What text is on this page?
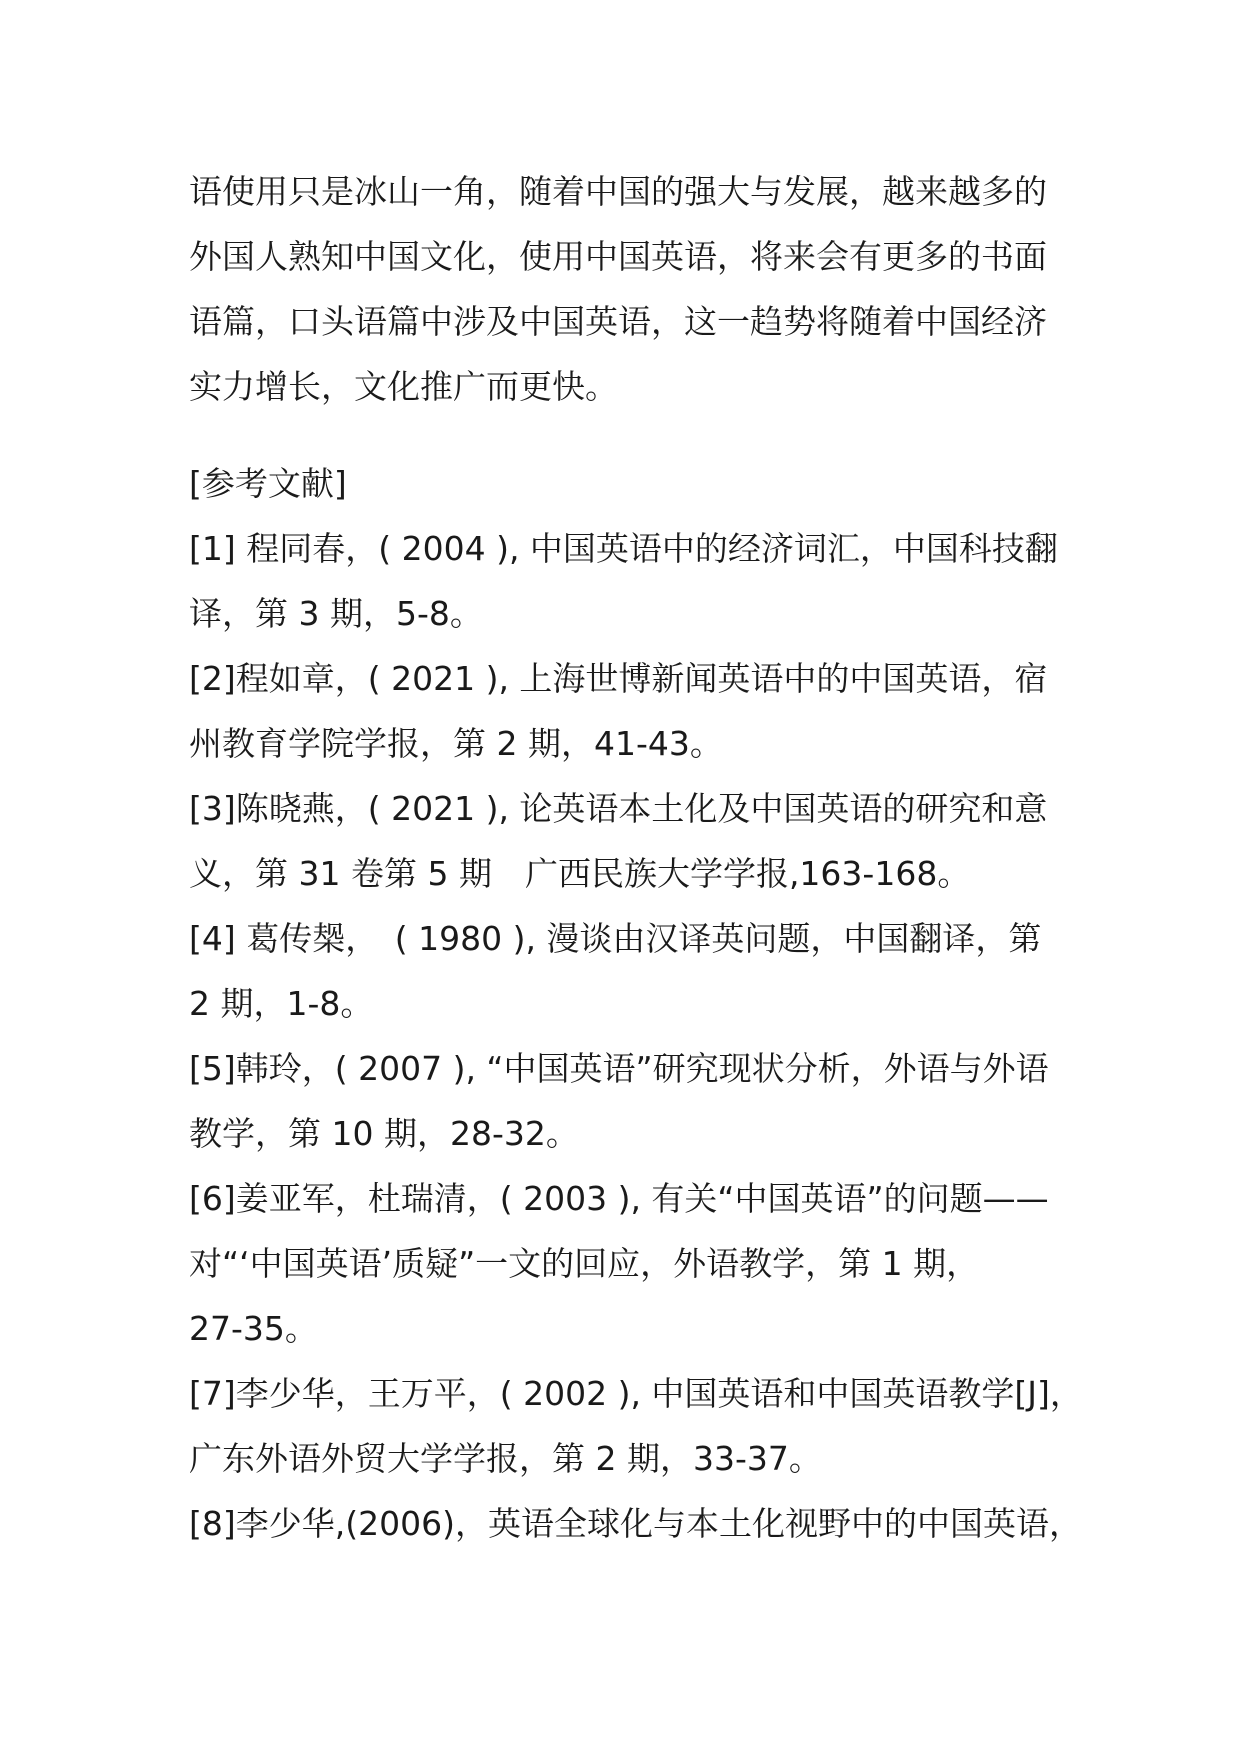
语使用只是冰山一角，随着中国的强大与发展，越来越多的
外国人熟知中国文化，使用中国英语，将来会有更多的书面
语篇，口头语篇中涉及中国英语，这一趋势将随着中国经济
实力增长，文化推广而更快。
[参考文献]
[1] 程同春，( 2004 ), 中国英语中的经济词汇，中国科技翻
译，第 3 期，5-8。
[2]程如章，( 2021 ), 上海世博新闻英语中的中国英语，宿
州教育学院学报，第 2 期，41-43。
[3]陈晓燕，( 2021 ), 论英语本土化及中国英语的研究和意
义，第 31 卷第 5 期　广西民族大学学报,163-168。
[4] 葛传椝，　( 1980 ), 漫谈由汉译英问题，中国翻译，第
2 期，1-8。
[5]韩玲，( 2007 ), “中国英语”研究现状分析，外语与外语
教学，第 10 期，28-32。
[6]姜亚军，杜瑞清，( 2003 ), 有关“中国英语”的问题——
对“‘中国英语’质疑”一文的回应，外语教学，第 1 期，
27-35。
[7]李少华，王万平，( 2002 ), 中国英语和中国英语教学[J]，
广东外语外贸大学学报，第 2 期，33-37。
[8]李少华,(2006)，英语全球化与本土化视野中的中国英语，
